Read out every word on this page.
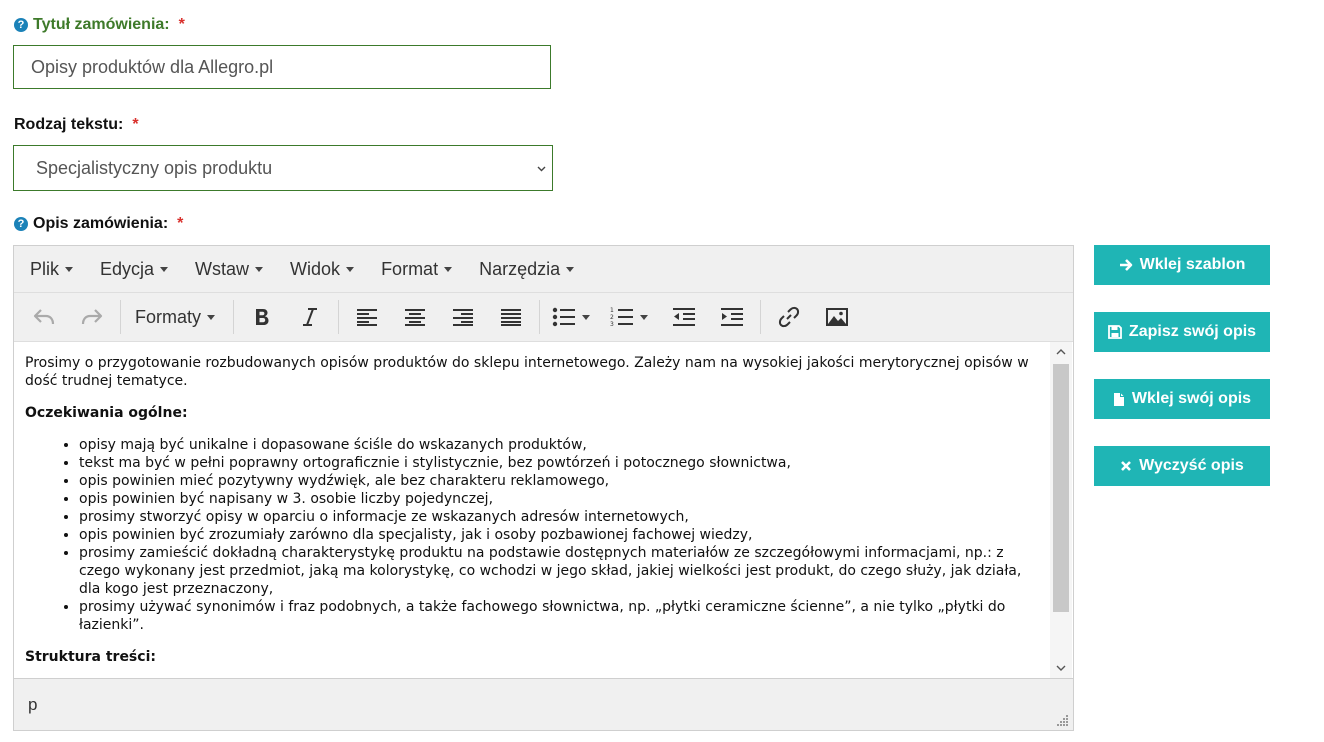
? Tytuł zamówienia: *
Opisy produktów dla Allegro.pl
Rodzaj tekstu: *
Specjalistyczny opis produktu
? Opis zamówienia: *
Plik Edycja Wstaw Widok Format Narzędzia
Formaty	1
2
3

Prosimy o przygotowanie rozbudowanych opisów produktów do sklepu internetowego. Zależy nam na wysokiej jakości merytorycznej opisów w dość trudnej tematyce.

Oczekiwania ogólne:

• opisy mają być unikalne i dopasowane ściśle do wskazanych produktów,
• tekst ma być w pełni poprawny ortograficznie i stylistycznie, bez powtórzeń i potocznego słownictwa,
• opis powinien mieć pozytywny wydźwięk, ale bez charakteru reklamowego,
• opis powinien być napisany w 3. osobie liczby pojedynczej,
• prosimy stworzyć opisy w oparciu o informacje ze wskazanych adresów internetowych,
• opis powinien być zrozumiały zarówno dla specjalisty, jak i osoby pozbawionej fachowej wiedzy,
• prosimy zamieścić dokładną charakterystykę produktu na podstawie dostępnych materiałów ze szczegółowymi informacjami, np.: z czego wykonany jest przedmiot, jaką ma kolorystykę, co wchodzi w jego skład, jakiej wielkości jest produkt, do czego służy, jak działa, dla kogo jest przeznaczony,
• prosimy używać synonimów i fraz podobnych, a także fachowego słownictwa, np. „płytki ceramiczne ścienne”, a nie tylko „płytki do łazienki”.

Struktura treści:

p
Wklej szablon
Zapisz swój opis
Wklej swój opis
Wyczyść opis
